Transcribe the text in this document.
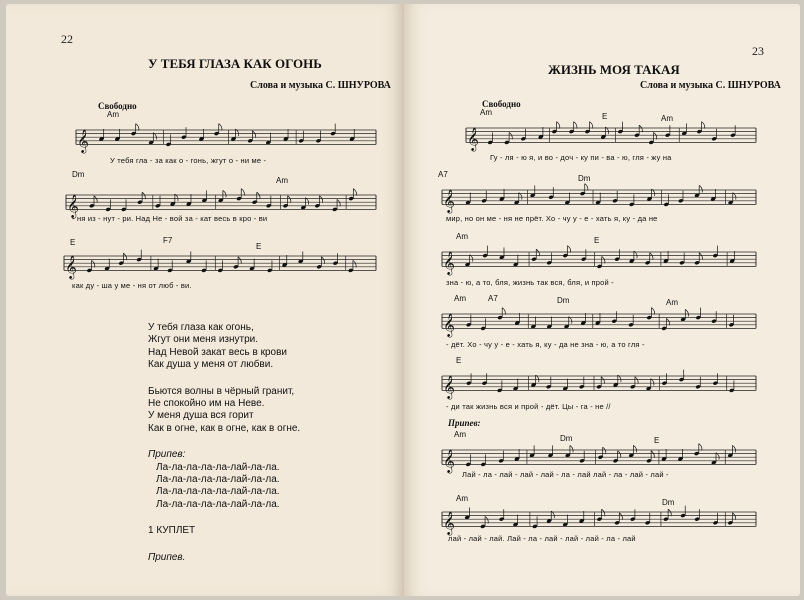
22
У ТЕБЯ ГЛАЗА КАК ОГОНЬ
Слова и музыка С. ШНУРОВА
Свободно
Am
𝄞
У тебя гла - за как о - гонь, жгут о - ни ме -
Dm
Am
𝄞
- ня из - нут - ри. Над Не - вой за - кат весь в кро - ви
E	F7
E
𝄞
как ду - ша у ме - ня от люб - ви.
У тебя глаза как огонь,
Жгут они меня изнутри.
Над Невой закат весь в крови
Как душа у меня от любви.
Бьются волны в чёрный гранит,
Не спокойно им на Неве.
У меня душа вся горит
Как в огне, как в огне, как в огне.
Припев:
Ла-ла-ла-ла-ла-лай-ла-ла.
Ла-ла-ла-ла-ла-лай-ла-ла.
Ла-ла-ла-ла-ла-лай-ла-ла.
Ла-ла-ла-ла-ла-лай-ла-ла.
1 КУПЛЕТ
Припев.
23
ЖИЗНЬ МОЯ ТАКАЯ
Слова и музыка С. ШНУРОВА
Свободно
Am	E	Am
𝄞
Гу - ля - ю я, и во - доч - ку пи - ва - ю, гля - жу на
A7	Dm
𝄞
мир, но он ме - ня не прёт. Хо - чу у - е - хать я, ку - да не
Am	E
𝄞
зна - ю, а то, бля, жизнь так вся, бля, и прой -
Am	A7	Dm	Am
𝄞
- дёт. Хо - чу у - е - хать я, ку - да не зна - ю, а то гля -
E
𝄞
- ди так жизнь вся и прой - дёт. Цы - га - не //
Припев:
Am	Dm	E
𝄞
Лай - ла - лай - лай - лай - ла - лай лай - ла - лай - лай -
Am	Dm
𝄞
лай - лай - лай. Лай - ла - лай - лай - лай - ла - лай
